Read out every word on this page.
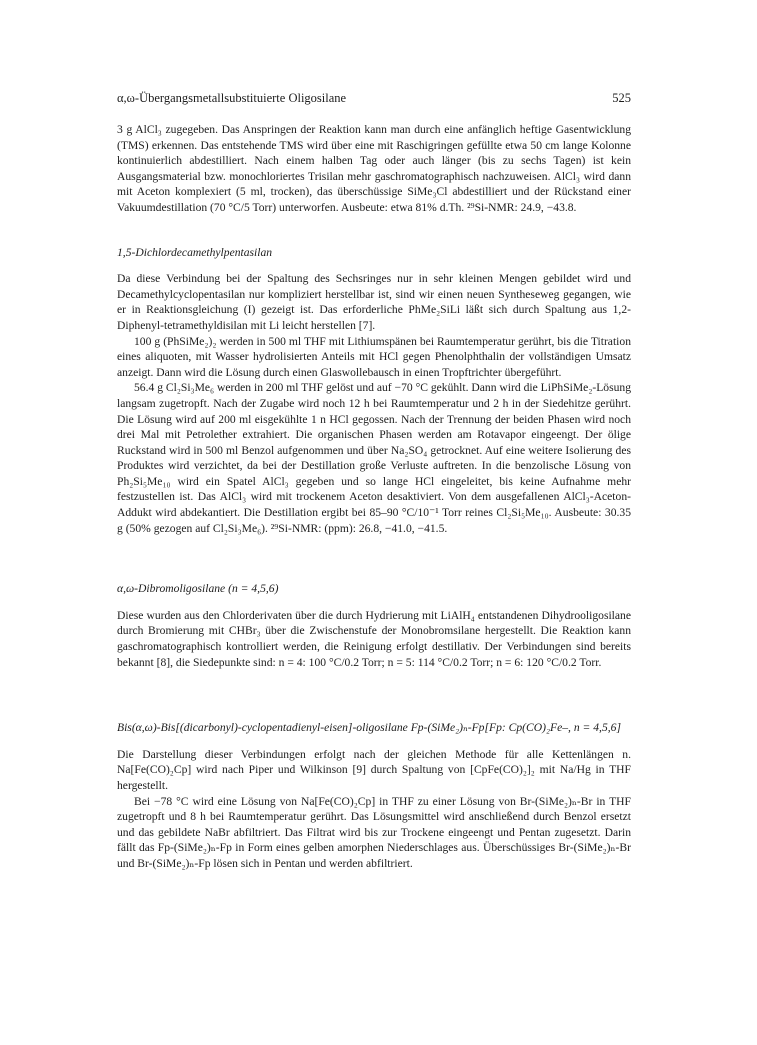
α,ω-Übergangsmetallsubstituierte Oligosilane	525

3 g AlCl₃ zugegeben. Das Anspringen der Reaktion kann man durch eine anfänglich heftige Gasentwicklung (TMS) erkennen. Das entstehende TMS wird über eine mit Raschigringen gefüllte etwa 50 cm lange Kolonne kontinuierlich abdestilliert. Nach einem halben Tag oder auch länger (bis zu sechs Tagen) ist kein Ausgangsmaterial bzw. monochloriertes Trisilan mehr gaschromatographisch nachzuweisen. AlCl₃ wird dann mit Aceton komplexiert (5 ml, trocken), das überschüssige SiMe₃Cl abdestilliert und der Rückstand einer Vakuumdestillation (70 °C/5 Torr) unterworfen. Ausbeute: etwa 81% d.Th. ²⁹Si-NMR: 24.9, −43.8.

1,5-Dichlordecamethylpentasilan

Da diese Verbindung bei der Spaltung des Sechsringes nur in sehr kleinen Mengen gebildet wird und Decamethylcyclopentasilan nur kompliziert herstellbar ist, sind wir einen neuen Syntheseweg gegangen, wie er in Reaktionsgleichung (I) gezeigt ist. Das erforderliche PhMe₂SiLi läßt sich durch Spaltung aus 1,2-Diphenyl-tetramethyldisilan mit Li leicht herstellen [7].

100 g (PhSiMe₂)₂ werden in 500 ml THF mit Lithiumspänen bei Raumtemperatur gerührt, bis die Titration eines aliquoten, mit Wasser hydrolisierten Anteils mit HCl gegen Phenolphthalin der vollständigen Umsatz anzeigt. Dann wird die Lösung durch einen Glaswollebausch in einen Tropftrichter übergeführt.

56.4 g Cl₂Si₃Me₆ werden in 200 ml THF gelöst und auf −70 °C gekühlt. Dann wird die LiPhSiMe₂-Lösung langsam zugetropft. Nach der Zugabe wird noch 12 h bei Raumtemperatur und 2 h in der Siedehitze gerührt. Die Lösung wird auf 200 ml eisgekühlte 1 n HCl gegossen. Nach der Trennung der beiden Phasen wird noch drei Mal mit Petrolether extrahiert. Die organischen Phasen werden am Rotavapor eingeengt. Der ölige Ruckstand wird in 500 ml Benzol aufgenommen und über Na₂SO₄ getrocknet. Auf eine weitere Isolierung des Produktes wird verzichtet, da bei der Destillation große Verluste auftreten. In die benzolische Lösung von Ph₂Si₅Me₁₀ wird ein Spatel AlCl₃ gegeben und so lange HCl eingeleitet, bis keine Aufnahme mehr festzustellen ist. Das AlCl₃ wird mit trockenem Aceton desaktiviert. Von dem ausgefallenen AlCl₃-Aceton-Addukt wird abdekantiert. Die Destillation ergibt bei 85–90 °C/10⁻¹ Torr reines Cl₂Si₅Me₁₀. Ausbeute: 30.35 g (50% gezogen auf Cl₂Si₃Me₆). ²⁹Si-NMR: (ppm): 26.8, −41.0, −41.5.

α,ω-Dibromoligosilane (n = 4,5,6)

Diese wurden aus den Chlorderivaten über die durch Hydrierung mit LiAlH₄ entstandenen Dihydrooligosilane durch Bromierung mit CHBr₃ über die Zwischenstufe der Monobromsilane hergestellt. Die Reaktion kann gaschromatographisch kontrolliert werden, die Reinigung erfolgt destillativ. Der Verbindungen sind bereits bekannt [8], die Siedepunkte sind: n = 4: 100 °C/0.2 Torr; n = 5: 114 °C/0.2 Torr; n = 6: 120 °C/0.2 Torr.

Bis(α,ω)-Bis[(dicarbonyl)-cyclopentadienyl-eisen]-oligosilane Fp-(SiMe₂)ₙ-Fp[Fp: Cp(CO)₂Fe–, n = 4,5,6]

Die Darstellung dieser Verbindungen erfolgt nach der gleichen Methode für alle Kettenlängen n. Na[Fe(CO)₂Cp] wird nach Piper und Wilkinson [9] durch Spaltung von [CpFe(CO)₂]₂ mit Na/Hg in THF hergestellt.

Bei −78 °C wird eine Lösung von Na[Fe(CO)₂Cp] in THF zu einer Lösung von Br-(SiMe₂)ₙ-Br in THF zugetropft und 8 h bei Raumtemperatur gerührt. Das Lösungsmittel wird anschließend durch Benzol ersetzt und das gebildete NaBr abfiltriert. Das Filtrat wird bis zur Trockene eingeengt und Pentan zugesetzt. Darin fällt das Fp-(SiMe₂)ₙ-Fp in Form eines gelben amorphen Niederschlages aus. Überschüssiges Br-(SiMe₂)ₙ-Br und Br-(SiMe₂)ₙ-Fp lösen sich in Pentan und werden abfiltriert.
